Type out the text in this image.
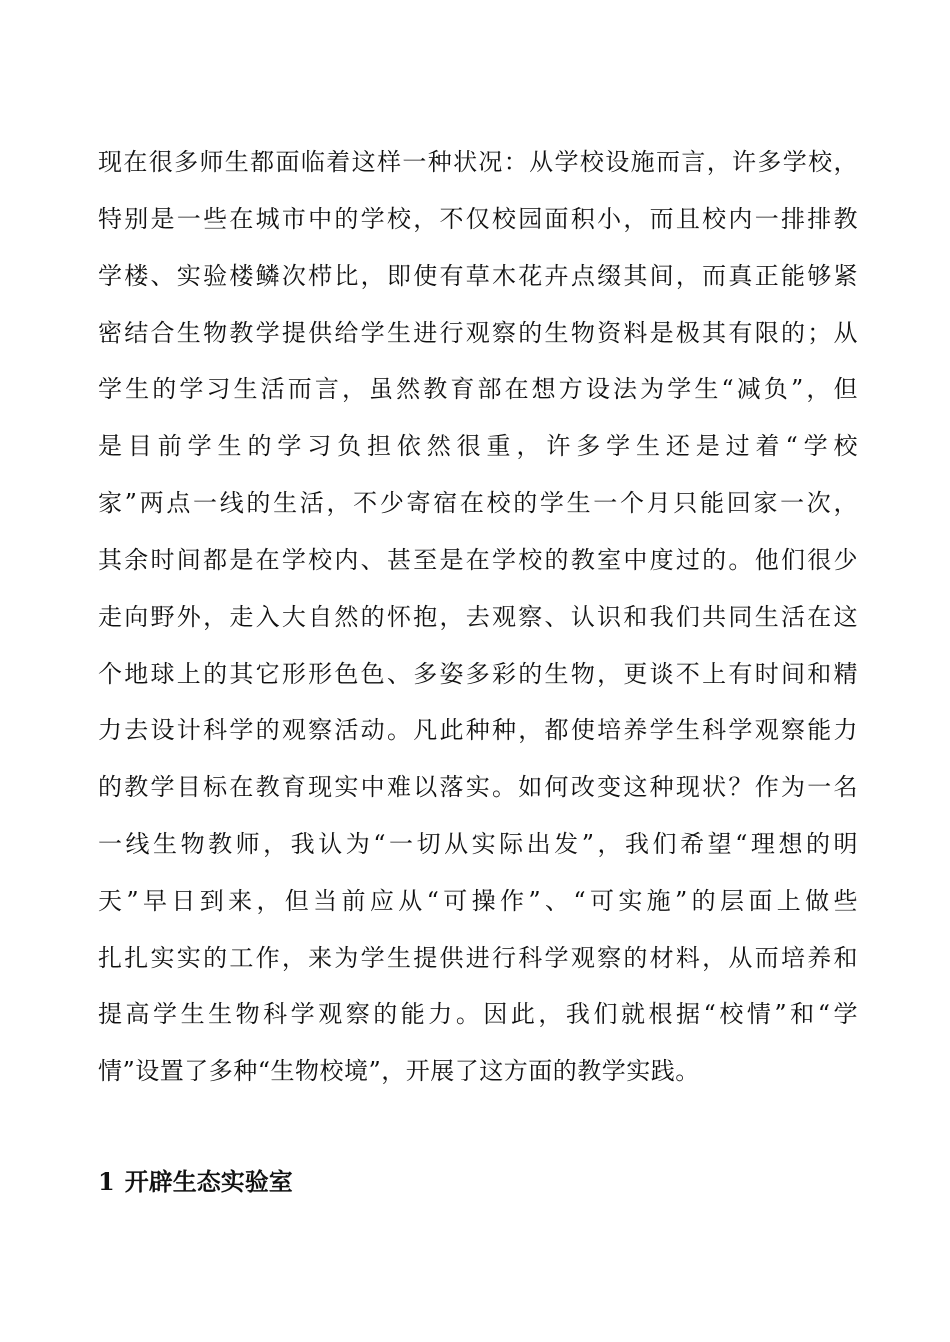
现在很多师生都面临着这样一种状况：从学校设施而言，许多学校，
特别是一些在城市中的学校，不仅校园面积小，而且校内一排排教
学楼、实验楼鳞次栉比，即使有草木花卉点缀其间，而真正能够紧
密结合生物教学提供给学生进行观察的生物资料是极其有限的；从
学生的学习生活而言，虽然教育部在想方设法为学生“减负”，但
是目前学生的学习负担依然很重，许多学生还是过着“学校
家”两点一线的生活，不少寄宿在校的学生一个月只能回家一次，
其余时间都是在学校内、甚至是在学校的教室中度过的。他们很少
走向野外，走入大自然的怀抱，去观察、认识和我们共同生活在这
个地球上的其它形形色色、多姿多彩的生物，更谈不上有时间和精
力去设计科学的观察活动。凡此种种，都使培养学生科学观察能力
的教学目标在教育现实中难以落实。如何改变这种现状？作为一名
一线生物教师，我认为“一切从实际出发”，我们希望“理想的明
天”早日到来，但当前应从“可操作”、“可实施”的层面上做些
扎扎实实的工作，来为学生提供进行科学观察的材料，从而培养和
提高学生生物科学观察的能力。因此，我们就根据“校情”和“学
情”设置了多种“生物校境”，开展了这方面的教学实践。
1 开辟生态实验室
